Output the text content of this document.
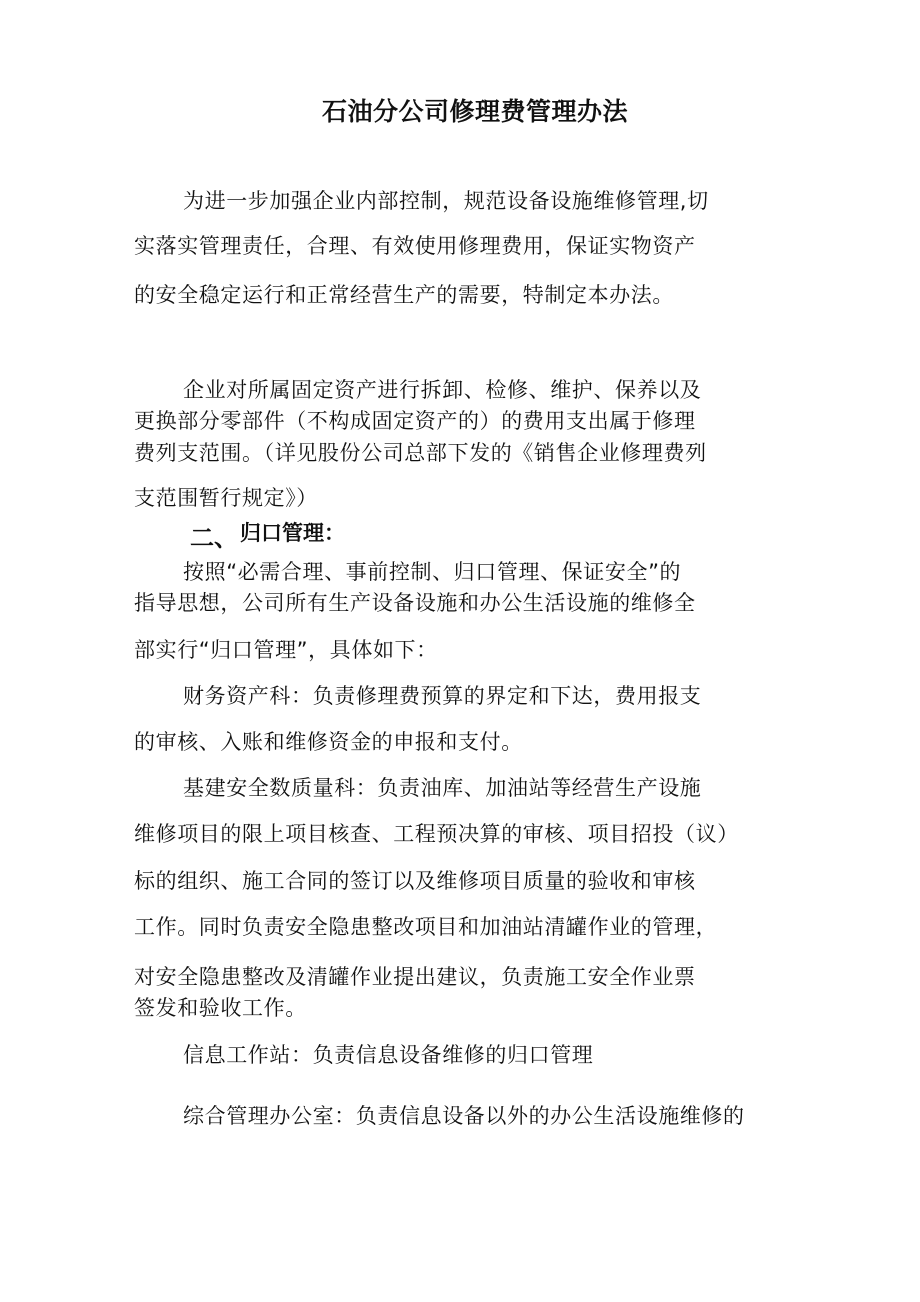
石油分公司修理费管理办法
为进一步加强企业内部控制，规范设备设施维修管理,切
实落实管理责任，合理、有效使用修理费用，保证实物资产
的安全稳定运行和正常经营生产的需要，特制定本办法。
企业对所属固定资产进行拆卸、检修、维护、保养以及
更换部分零部件（不构成固定资产的）的费用支出属于修理
费列支范围。（详见股份公司总部下发的《销售企业修理费列
支范围暂行规定》）
二、归口管理：
按照“必需合理、事前控制、归口管理、保证安全”的
指导思想，公司所有生产设备设施和办公生活设施的维修全
部实行“归口管理”，具体如下：
财务资产科：负责修理费预算的界定和下达，费用报支
的审核、入账和维修资金的申报和支付。
基建安全数质量科：负责油库、加油站等经营生产设施
维修项目的限上项目核查、工程预决算的审核、项目招投（议）
标的组织、施工合同的签订以及维修项目质量的验收和审核
工作。同时负责安全隐患整改项目和加油站清罐作业的管理，
对安全隐患整改及清罐作业提出建议，负责施工安全作业票
签发和验收工作。
信息工作站：负责信息设备维修的归口管理
综合管理办公室：负责信息设备以外的办公生活设施维修的
